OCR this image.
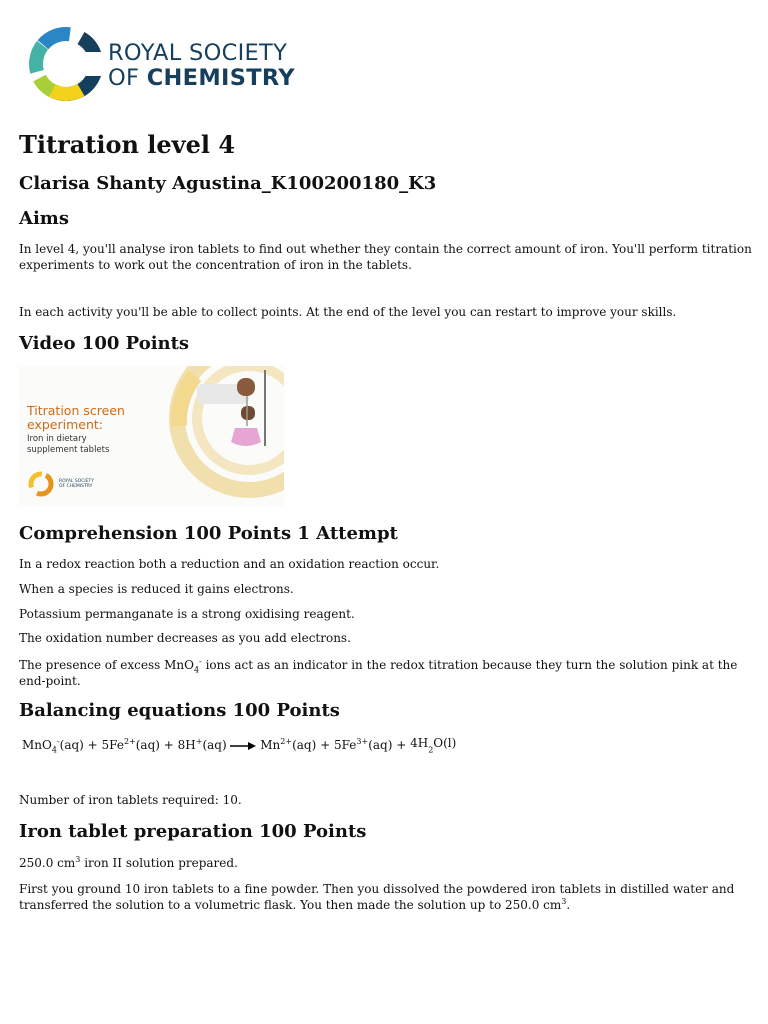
ROYAL SOCIETY
OF CHEMISTRY
Titration level 4
Clarisa Shanty Agustina_K100200180_K3
Aims
In level 4, you'll analyse iron tablets to find out whether they contain the correct amount of iron. You'll perform titration experiments to work out the concentration of iron in the tablets.
In each activity you'll be able to collect points. At the end of the level you can restart to improve your skills.
Video 100 Points
Titration screen
experiment:
Iron in dietary
supplement tablets
ROYAL SOCIETY
OF CHEMISTRY
Comprehension 100 Points 1 Attempt
In a redox reaction both a reduction and an oxidation reaction occur.
When a species is reduced it gains electrons.
Potassium permanganate is a strong oxidising reagent.
The oxidation number decreases as you add electrons.
The presence of excess MnO$_4$- ions act as an indicator in the redox titration because they turn the solution pink at the end-point.
Balancing equations 100 Points
$MnO_4^-(aq) + 5Fe^{2+}(aq) + 8H^+(aq) \to Mn^{2+}(aq) + 5Fe^{3+}(aq) + 4H_2O(l)$
Number of iron tablets required: 10.
Iron tablet preparation 100 Points
250.0 $cm^3$ iron II solution prepared.
First you ground 10 iron tablets to a fine powder. Then you dissolved the powdered iron tablets in distilled water and transferred the solution to a volumetric flask. You then made the solution up to 250.0 $cm^3$.
